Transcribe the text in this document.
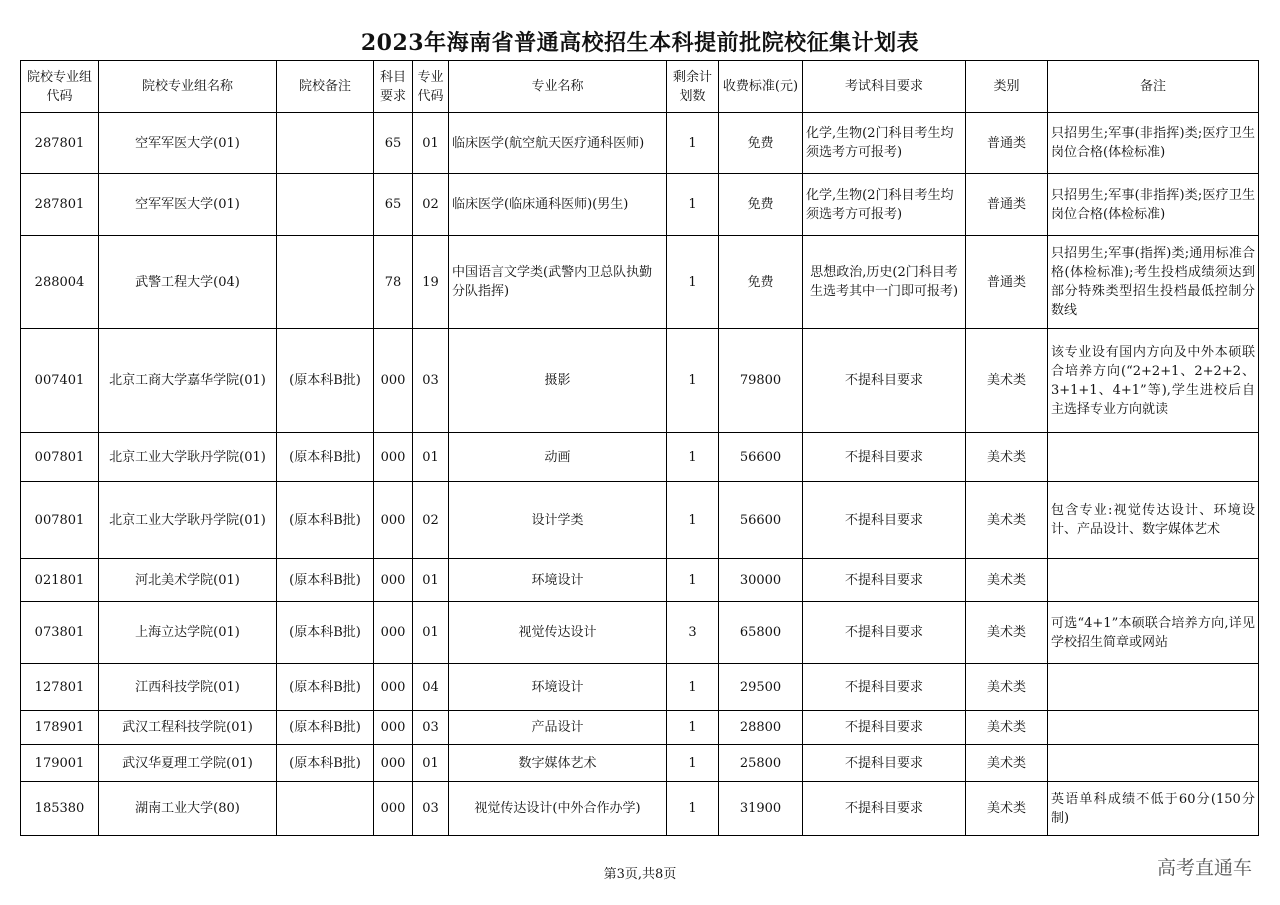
2023年海南省普通高校招生本科提前批院校征集计划表
院校专业组代码	院校专业组名称	院校备注	科目要求	专业代码	专业名称	剩余计划数	收费标准(元)	考试科目要求	类别	备注
287801	空军军医大学(01)		65	01	临床医学(航空航天医疗通科医师)	1	免费	化学,生物(2门科目考生均须选考方可报考)	普通类	只招男生;军事(非指挥)类;医疗卫生岗位合格(体检标准)
287801	空军军医大学(01)		65	02	临床医学(临床通科医师)(男生)	1	免费	化学,生物(2门科目考生均须选考方可报考)	普通类	只招男生;军事(非指挥)类;医疗卫生岗位合格(体检标准)
288004	武警工程大学(04)		78	19	中国语言文学类(武警内卫总队执勤分队指挥)	1	免费	思想政治,历史(2门科目考生选考其中一门即可报考)	普通类	只招男生;军事(指挥)类;通用标准合格(体检标准);考生投档成绩须达到部分特殊类型招生投档最低控制分数线
007401	北京工商大学嘉华学院(01)	(原本科B批)	000	03	摄影	1	79800	不提科目要求	美术类	该专业设有国内方向及中外本硕联合培养方向(“2+2+1、2+2+2、3+1+1、4+1”等),学生进校后自主选择专业方向就读
007801	北京工业大学耿丹学院(01)	(原本科B批)	000	01	动画	1	56600	不提科目要求	美术类	
007801	北京工业大学耿丹学院(01)	(原本科B批)	000	02	设计学类	1	56600	不提科目要求	美术类	包含专业:视觉传达设计、环境设计、产品设计、数字媒体艺术
021801	河北美术学院(01)	(原本科B批)	000	01	环境设计	1	30000	不提科目要求	美术类	
073801	上海立达学院(01)	(原本科B批)	000	01	视觉传达设计	3	65800	不提科目要求	美术类	可选“4+1”本硕联合培养方向,详见学校招生简章或网站
127801	江西科技学院(01)	(原本科B批)	000	04	环境设计	1	29500	不提科目要求	美术类	
178901	武汉工程科技学院(01)	(原本科B批)	000	03	产品设计	1	28800	不提科目要求	美术类	
179001	武汉华夏理工学院(01)	(原本科B批)	000	01	数字媒体艺术	1	25800	不提科目要求	美术类	
185380	湖南工业大学(80)		000	03	视觉传达设计(中外合作办学)	1	31900	不提科目要求	美术类	英语单科成绩不低于60分(150分制)
第3页,共8页	高考直通车
